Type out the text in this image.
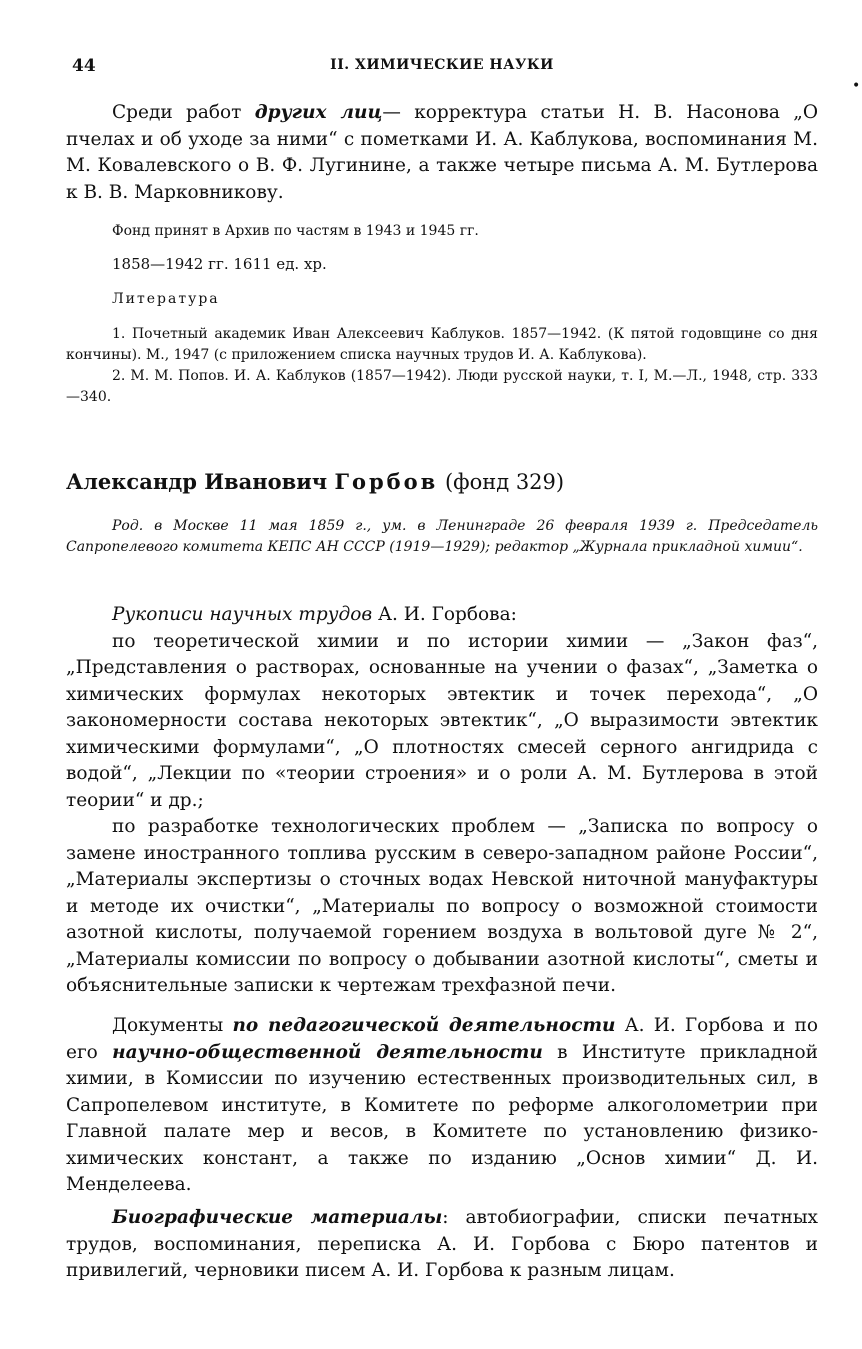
44	II. ХИМИЧЕСКИЕ НАУКИ
•

Среди работ других лиц— корректура статьи Н. В. Насонова „О пчелах и об уходе за ними“ с пометками И. А. Каблукова, воспоминания М. М. Ковалевского о В. Ф. Лугинине, а также четыре письма А. М. Бутлерова к В. В. Марковникову.

Фонд принят в Архив по частям в 1943 и 1945 гг.

1858—1942 гг. 1611 ед. хр.

Литература

1. Почетный академик Иван Алексеевич Каблуков. 1857—1942. (К пятой годовщине со дня кончины). М., 1947 (с приложением списка научных трудов И. А. Каблукова).

2. М. М. Попов. И. А. Каблуков (1857—1942). Люди русской науки, т. I, М.—Л., 1948, стр. 333—340.

Александр Иванович Горбов (фонд 329)

Род. в Москве 11 мая 1859 г., ум. в Ленинграде 26 февраля 1939 г. Председатель Сапропелевого комитета КЕПС АН СССР (1919—1929); редактор „Журнала прикладной химии“.

Рукописи научных трудов А. И. Горбова:

по теоретической химии и по истории химии — „Закон фаз“, „Представления о растворах, основанные на учении о фазах“, „Заметка о химических формулах некоторых эвтектик и точек перехода“, „О закономерности состава некоторых эвтектик“, „О выразимости эвтектик химическими формулами“, „О плотностях смесей серного ангидрида с водой“, „Лекции по «теории строения» и о роли А. М. Бутлерова в этой теории“ и др.;

по разработке технологических проблем — „Записка по вопросу о замене иностранного топлива русским в северо-западном районе России“, „Материалы экспертизы о сточных водах Невской ниточной мануфактуры и методе их очистки“, „Материалы по вопросу о возможной стоимости азотной кислоты, получаемой горением воздуха в вольтовой дуге № 2“, „Материалы комиссии по вопросу о добывании азотной кислоты“, сметы и объяснительные записки к чертежам трехфазной печи.

Документы по педагогической деятельности А. И. Горбова и по его научно-общественной деятельности в Институте прикладной химии, в Комиссии по изучению естественных производительных сил, в Сапропелевом институте, в Комитете по реформе алкоголометрии при Главной палате мер и весов, в Комитете по установлению физико-химических констант, а также по изданию „Основ химии“ Д. И. Менделеева.

Биографические материалы: автобиографии, списки печатных трудов, воспоминания, переписка А. И. Горбова с Бюро патентов и привилегий, черновики писем А. И. Горбова к разным лицам.
